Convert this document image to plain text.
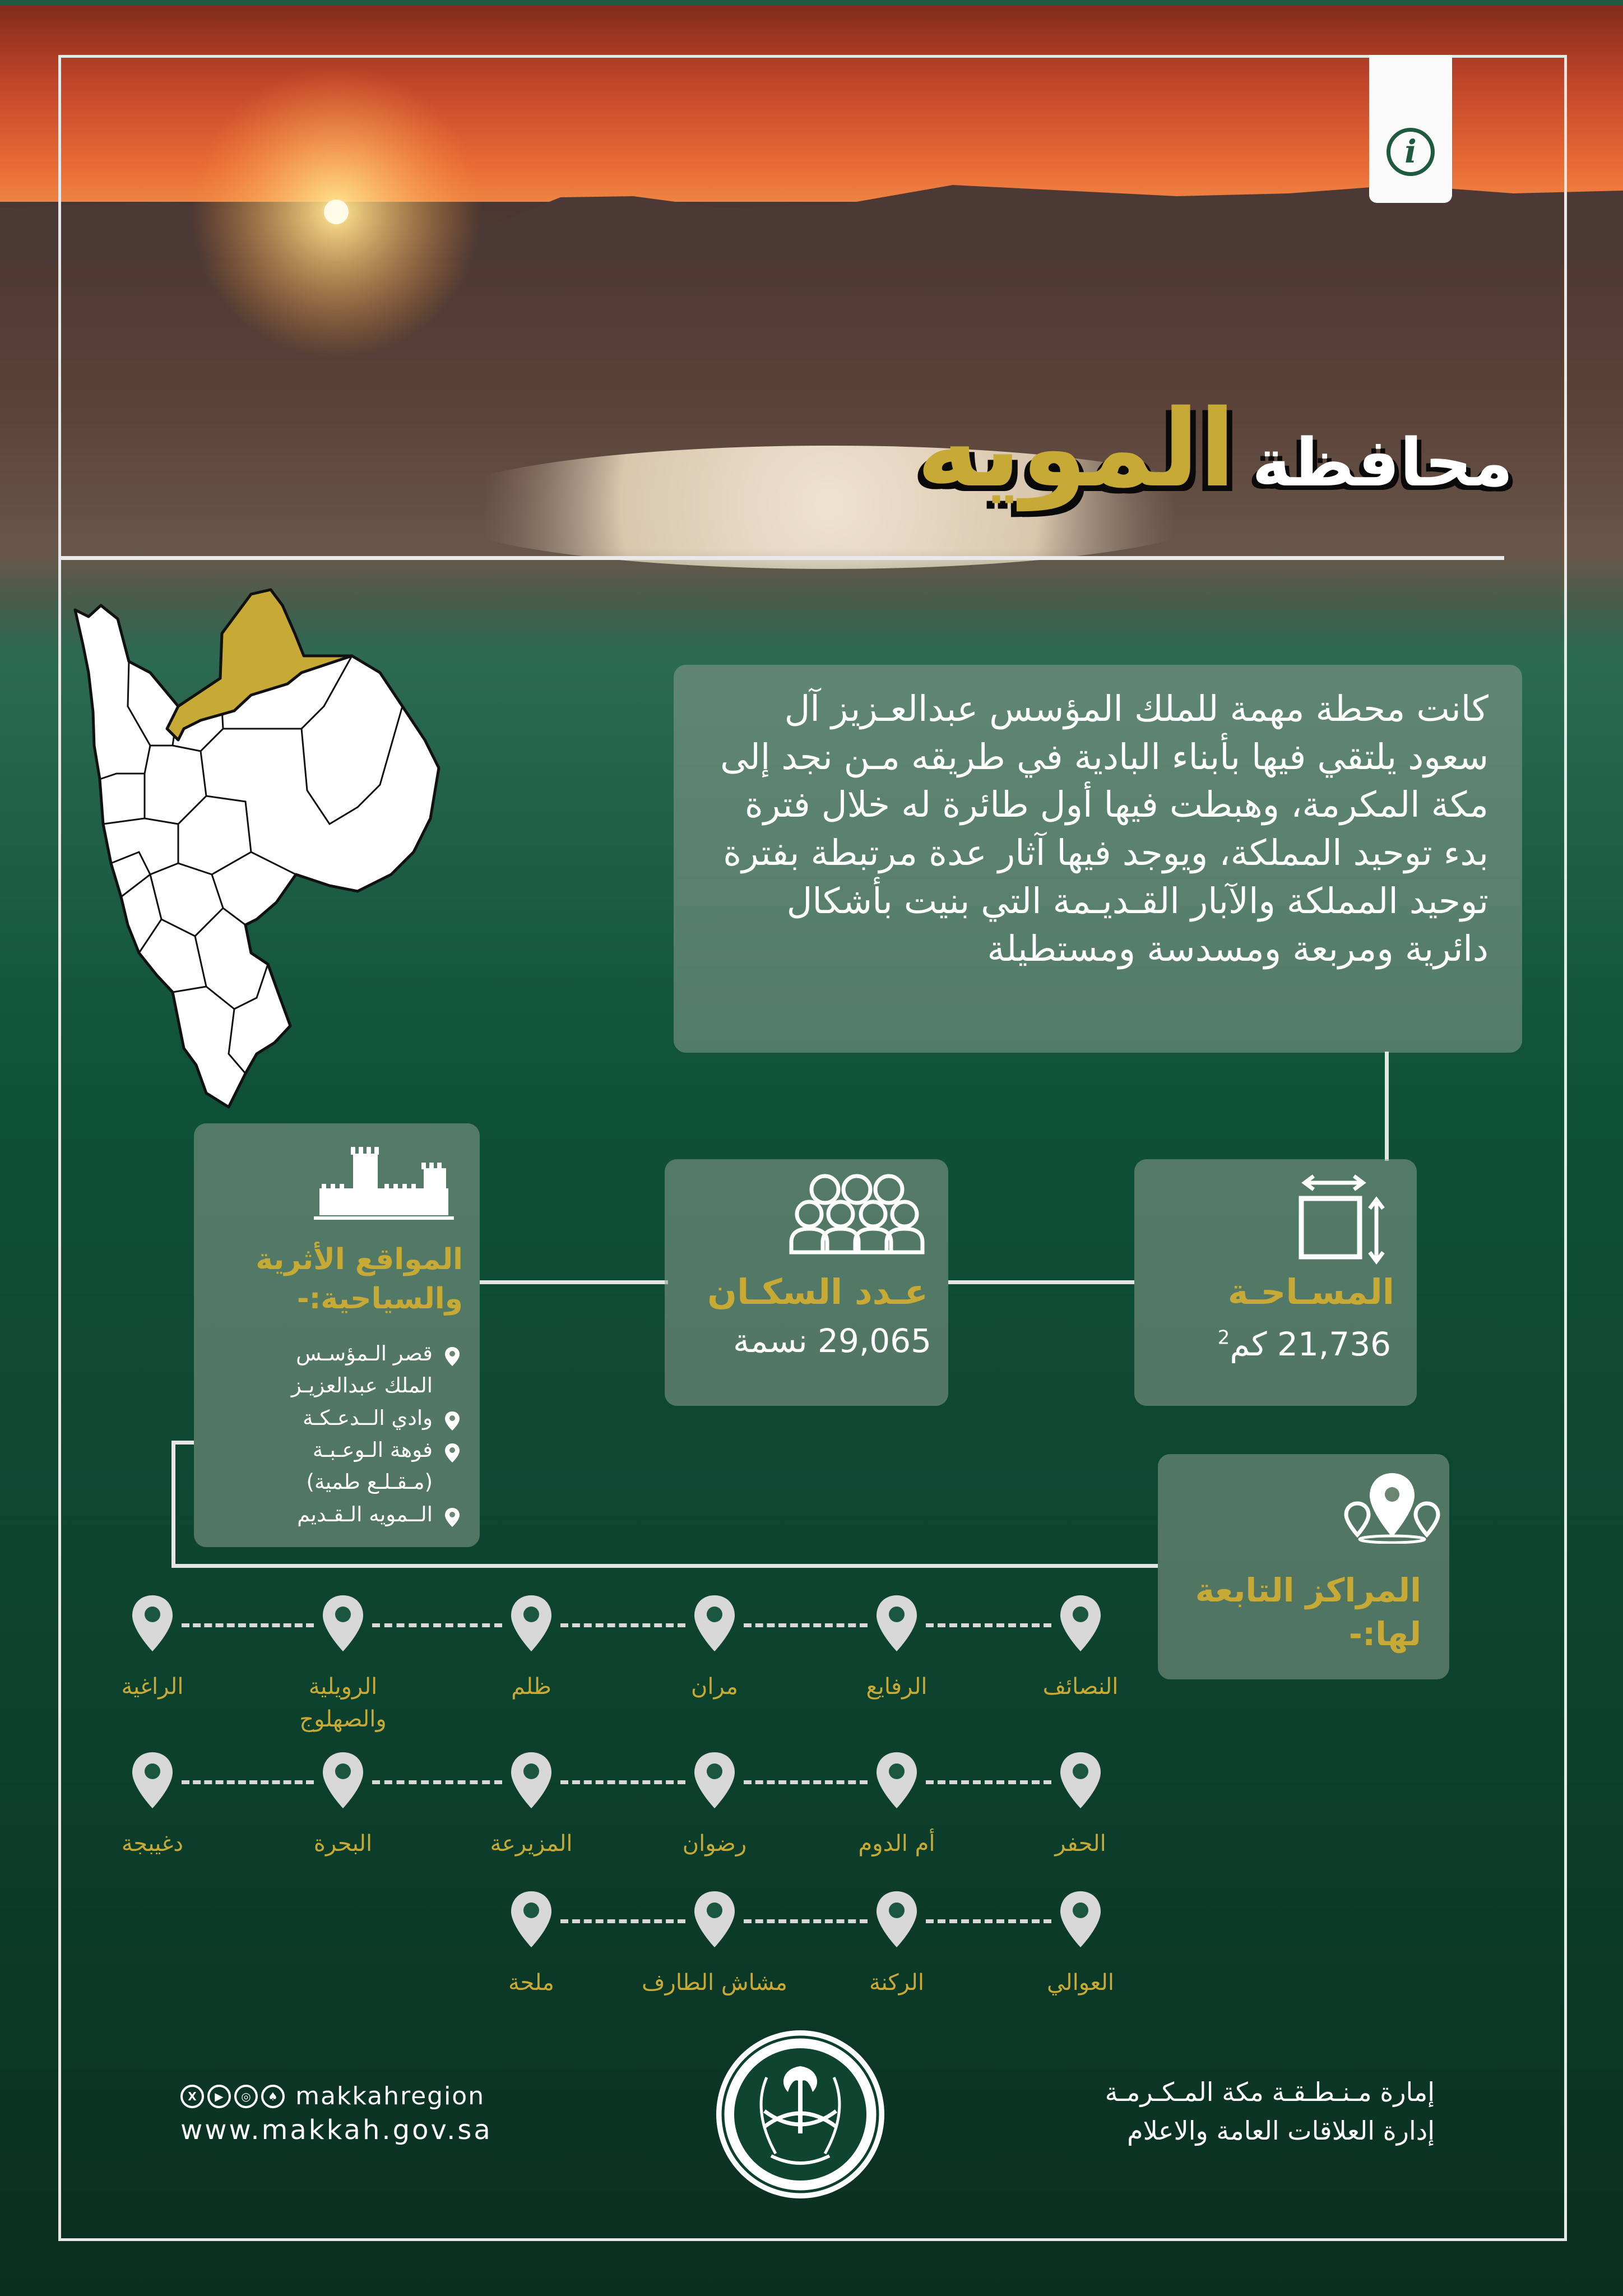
i
محافظة المويه
كانت محطة مهمة للملك المؤسس عبدالعـزيز آل سعود يلتقي فيها بأبناء البادية في طريقه مـن نجد إلى مكة المكرمة، وهبطت فيها أول طائرة له خلال فترة بدء توحيد المملكة، ويوجد فيها آثار عدة مرتبطة بفترة توحيد المملكة والآبار القـديـمة التي بنيت بأشكال دائرية ومربعة ومسدسة ومستطيلة
المسـاحـة
21,736 كم$^2$
عـدد السكـان
29,065 نسمة
المواقع الأثرية
والسياحية:-
قصر الـمؤسـس
الملك عبدالعزيـز
وادي الــدعـكـة
فوهة الـوعـبـة
(مـقـلـع طمية)
الــمويه الـقـديم
المراكز التابعة
لها:-
النصائف
الرفايع
مران
ظلم
الرويلية والصهلوج
الراغية
الحفر
أم الدوم
رضوان
المزيرعة
البحرة
دغيبجة
العوالي
الركنة
مشاش الطارف
ملحة
إمارة مـنـطـقـة مكة المـكـرمـة
إدارة العلاقات العامة والاعلام
X ▶ ◎ ♠ makkahregion
www.makkah.gov.sa
